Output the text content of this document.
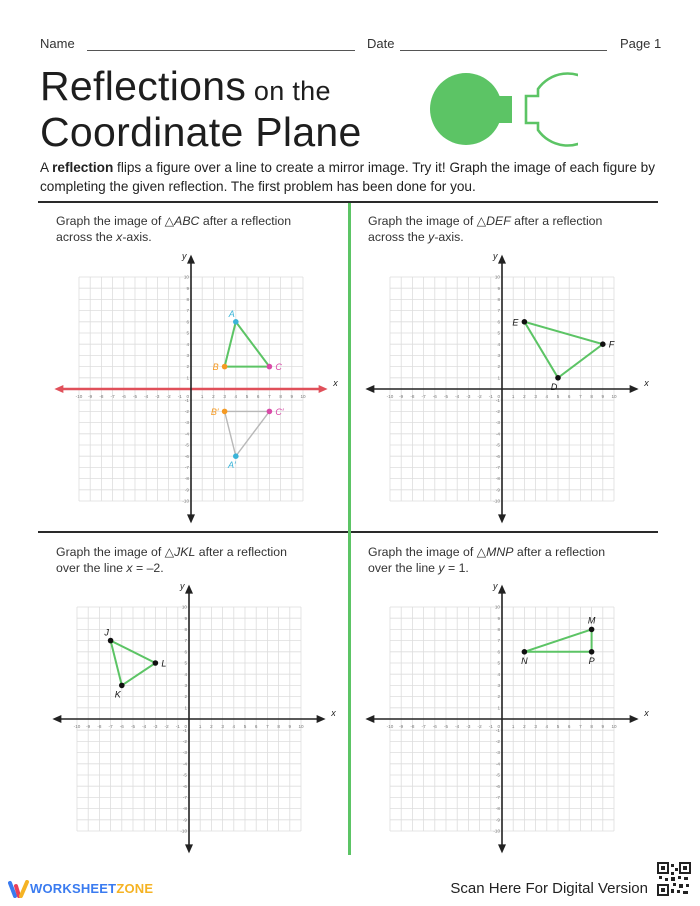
Name	Date	Page 1
Reflections on the
Coordinate Plane
A reflection flips a figure over a line to create a mirror image. Try it! Graph the image of each figure by completing the given reflection. The first problem has been done for you.
Graph the image of △ABC after a reflection
across the x-axis.
Graph the image of △DEF after a reflection
across the y-axis.
Graph the image of △JKL after a reflection
over the line x = –2.
Graph the image of △MNP after a reflection
over the line y = 1.
x
y
-10
-10
-9
-9
-8
-8
-7
-7
-6
-6
-5
-5
-4
-4
-3
-3
-2
-2
-1
-1
0	1
1
2
2
3
3
4
4
5
5
6
6
7
7
8
8
9
9
10
10
A
B	C
A′
B′	C′
x
y
-10
-10
-9
-9
-8
-8
-7
-7
-6
-6
-5
-5
-4
-4
-3
-3
-2
-2
-1
-1
0	1
1
2
2
3
3
4
4
5
5
6
6
7
7
8
8
9
9
10
10
D
E
F
x
y
-10
-10
-9
-9
-8
-8
-7
-7
-6
-6
-5
-5
-4
-4
-3
-3
-2
-2
-1
-1
0	1
1
2
2
3
3
4
4
5
5
6
6
7
7
8
8
9
9
10
10
J
K
L
x
y
-10
-10
-9
-9
-8
-8
-7
-7
-6
-6
-5
-5
-4
-4
-3
-3
-2
-2
-1
-1
0	1
1
2
2
3
3
4
4
5
5
6
6
7
7
8
8
9
9
10
10
M
N	P
WORKSHEETZONE	Scan Here For Digital Version
